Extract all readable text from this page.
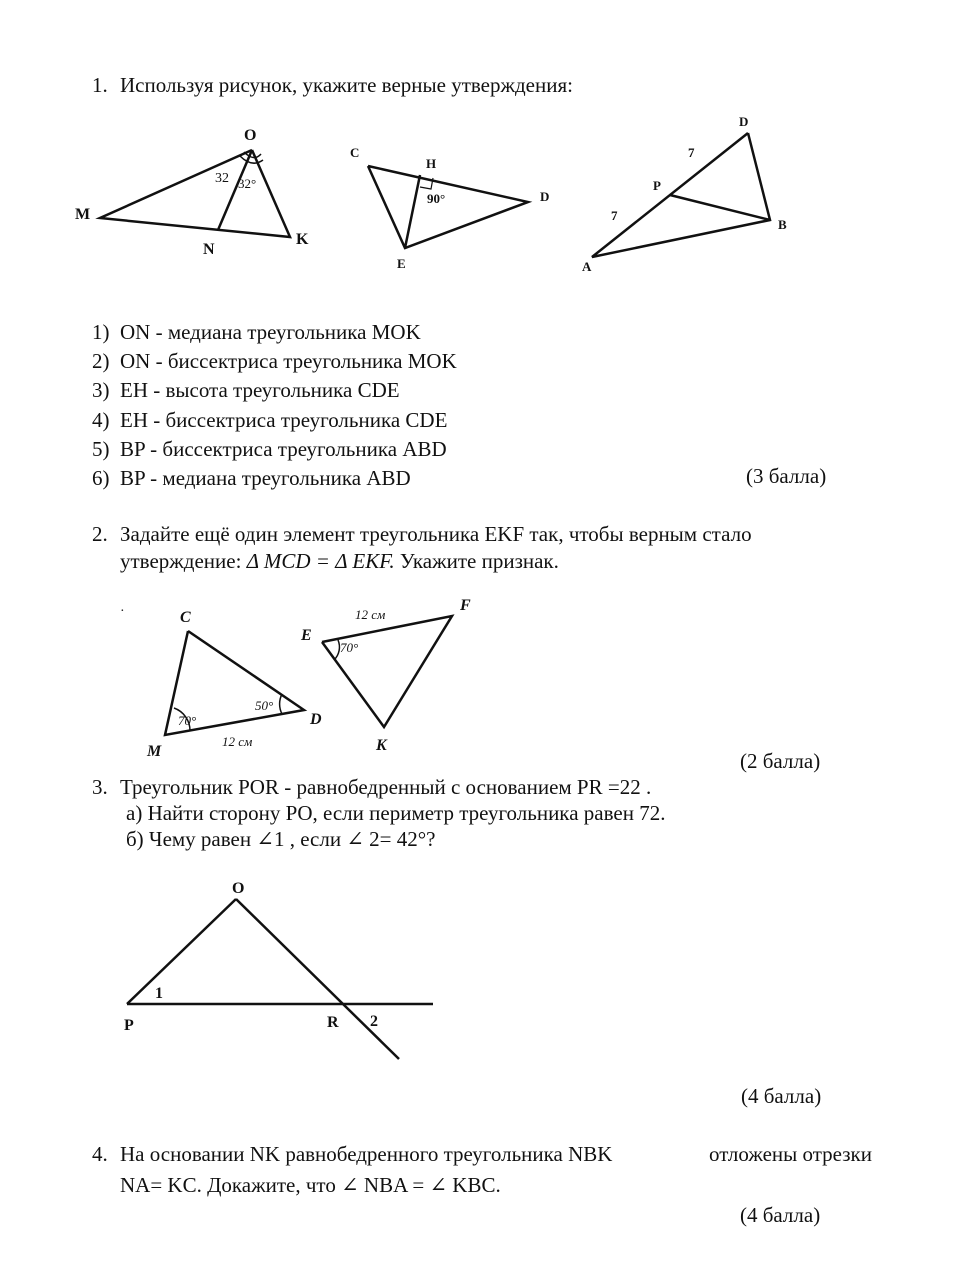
1. Используя рисунок, укажите верные утверждения:
O
M
N
K
32 32°
C
H
D
E
90°
D
P
B
A
7
7
1) ON - медиана треугольника MOK
2) ON - биссектриса треугольника MOK
3) EH - высота треугольника CDE
4) EH - биссектриса треугольника CDE
5) BP - биссектриса треугольника ABD
6) BP - медиана треугольника ABD	(3 балла)
2. Задайте ещё один элемент треугольника EKF так, чтобы верным стало
утверждение: Δ MCD = Δ EKF. Укажите признак.
·	C
M
D
70°
50°
12 см
E
F
K
70°
12 см
(2 балла)
3. Треугольник POR - равнобедренный с основанием PR =22 .
а) Найти сторону PO, если периметр треугольника равен 72.
б) Чему равен ∠1 , если ∠ 2= 42°?
O
P	R
1
2
(4 балла)
4. На основании NK равнобедренного треугольника NBK	отложены отрезки
NA= KC. Докажите, что ∠ NBA = ∠ KBC.
(4 балла)
